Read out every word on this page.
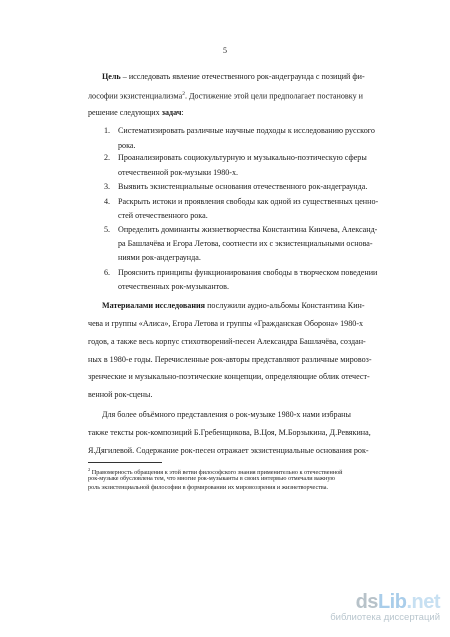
5
Цель – исследовать явление отечественного рок-андеграунда с позиций фи-
лософии экзистенциализма$^2$. Достижение этой цели предполагает постановку и
решение следующих задач:
1. Систематизировать различные научные подходы к исследованию русского
рока.
2. Проанализировать социокультурную и музыкально-поэтическую сферы
отечественной рок-музыки 1980-х.
3. Выявить экзистенциальные основания отечественного рок-андеграунда.
4. Раскрыть истоки и проявления свободы как одной из существенных ценно-
стей отечественного рока.
5. Определить доминанты жизнетворчества Константина Кинчева, Александ-
ра Башлачёва и Егора Летова, соотнести их с экзистенциальными основа-
ниями рок-андеграунда.
6. Прояснить принципы функционирования свободы в творческом поведении
отечественных рок-музыкантов.
Материалами исследования послужили аудио-альбомы Константина Кин-
чева и группы «Алиса», Егора Летова и группы «Гражданская Оборона» 1980-х
годов, а также весь корпус стихотворений-песен Александра Башлачёва, создан-
ных в 1980-е годы. Перечисленные рок-авторы представляют различные мировоз-
зренческие и музыкально-поэтические концепции, определяющие облик отечест-
венной рок-сцены.
Для более объёмного представления о рок-музыке 1980-х нами избраны
также тексты рок-композиций Б.Гребенщикова, В.Цоя, М.Борзыкина, Д.Ревякина,
Я.Дягилевой. Содержание рок-песен отражает экзистенциальные основания рок-
$^2$ Правомерность обращения к этой ветви философского знания применительно к отечественной
рок-музыке обусловлена тем, что многие рок-музыканты в своих интервью отмечали важную
роль экзистенциальной философии в формировании их мировоззрения и жизнетворчества.
dsLib.net
библиотека диссертаций
